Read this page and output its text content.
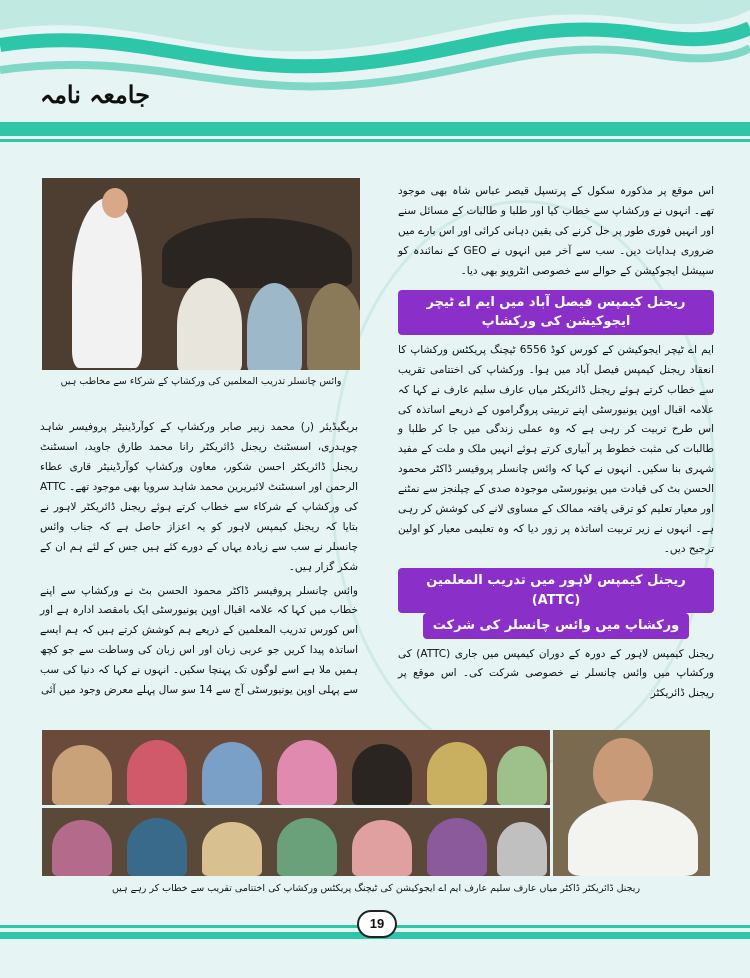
جامعہ نامہ
وائس چانسلر تدریب المعلمین کی ورکشاپ کے شرکاء سے مخاطب ہیں

اس موقع پر مذکورہ سکول کے پرنسپل قیصر عباس شاہ بھی موجود تھے۔ انہوں نے ورکشاپ سے خطاب کیا اور طلبا و طالبات کے مسائل سنے اور انہیں فوری طور پر حل کرنے کی یقین دہانی کرائی اور اس بارے میں ضروری ہدایات دیں۔ سب سے آخر میں انہوں نے GEO کے نمائندہ کو سپیشل ایجوکیشن کے حوالے سے خصوصی انٹرویو بھی دیا۔

ریجنل کیمپس فیصل آباد میں ایم اے ٹیچر ایجوکیشن کی ورکشاپ

ایم اے ٹیچر ایجوکیشن کے کورس کوڈ 6556 ٹیچنگ پریکٹس ورکشاپ کا انعقاد ریجنل کیمپس فیصل آباد میں ہوا۔ ورکشاپ کی اختتامی تقریب سے خطاب کرتے ہوئے ریجنل ڈائریکٹر میاں عارف سلیم عارف نے کہا کہ علامہ اقبال اوپن یونیورسٹی اپنے تربیتی پروگراموں کے ذریعے اساتذہ کی اس طرح تربیت کر رہی ہے کہ وہ عملی زندگی میں جا کر طلبا و طالبات کی مثبت خطوط پر آبیاری کرتے ہوئے انہیں ملک و ملت کے مفید شہری بنا سکیں۔ انہوں نے کہا کہ وائس چانسلر پروفیسر ڈاکٹر محمود الحسن بٹ کی قیادت میں یونیورسٹی موجودہ صدی کے چیلنجز سے نمٹنے اور معیار تعلیم کو ترقی یافتہ ممالک کے مساوی لانے کی کوشش کر رہی ہے۔ انہوں نے زیر تربیت اساتذہ پر زور دیا کہ وہ تعلیمی معیار کو اولین ترجیح دیں۔

ریجنل کیمپس لاہور میں تدریب المعلمین (ATTC)
ورکشاپ میں وائس چانسلر کی شرکت

ریجنل کیمپس لاہور کے دورہ کے دوران کیمپس میں جاری (ATTC) کی ورکشاپ میں وائس چانسلر نے خصوصی شرکت کی۔ اس موقع پر ریجنل ڈائریکٹر

بریگیڈیئر (ر) محمد زبیر صابر ورکشاپ کے کوآرڈینیٹر پروفیسر شاہد چوہدری، اسسٹنٹ ریجنل ڈائریکٹر رانا محمد طارق جاوید، اسسٹنٹ ریجنل ڈائریکٹر احسن شکور، معاون ورکشاپ کوآرڈینیٹر قاری عطاء الرحمن اور اسسٹنٹ لائبریرین محمد شاہد سرویا بھی موجود تھے۔ ATTC کی ورکشاپ کے شرکاء سے خطاب کرتے ہوئے ریجنل ڈائریکٹر لاہور نے بتایا کہ ریجنل کیمپس لاہور کو یہ اعزاز حاصل ہے کہ جناب وائس چانسلر نے سب سے زیادہ یہاں کے دورے کئے ہیں جس کے لئے ہم ان کے شکر گزار ہیں۔

وائس چانسلر پروفیسر ڈاکٹر محمود الحسن بٹ نے ورکشاپ سے اپنے خطاب میں کہا کہ علامہ اقبال اوپن یونیورسٹی ایک بامقصد ادارہ ہے اور اس کورس تدریب المعلمین کے ذریعے ہم کوشش کرتے ہیں کہ ہم ایسے اساتذہ پیدا کریں جو عربی زبان اور اس زبان کی وساطت سے جو کچھ ہمیں ملا ہے اسے لوگوں تک پہنچا سکیں۔ انہوں نے کہا کہ دنیا کی سب سے پہلی اوپن یونیورسٹی آج سے 14 سو سال پہلے معرض وجود میں آئی

ریجنل ڈائریکٹر ڈاکٹر میاں عارف سلیم عارف ایم اے ایجوکیشن کی ٹیچنگ پریکٹس ورکشاپ کی اختتامی تقریب سے خطاب کر رہے ہیں
19
